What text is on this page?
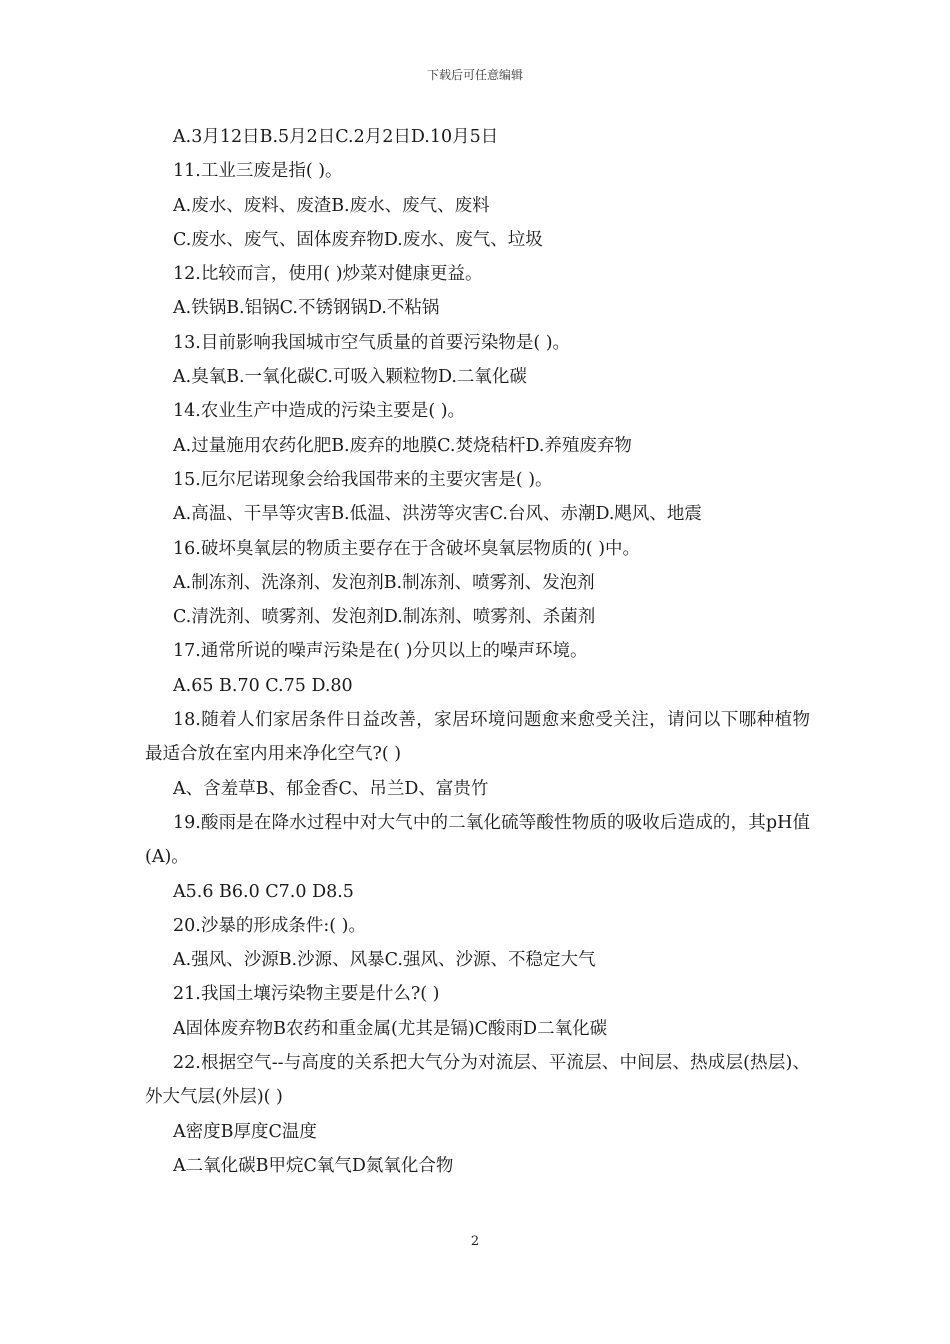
下载后可任意编辑
A.3月12日B.5月2日C.2月2日D.10月5日
11.工业三废是指( )。
A.废水、废料、废渣B.废水、废气、废料
C.废水、废气、固体废弃物D.废水、废气、垃圾
12.比较而言，使用( )炒菜对健康更益。
A.铁锅B.铝锅C.不锈钢锅D.不粘锅
13.目前影响我国城市空气质量的首要污染物是( )。
A.臭氧B.一氧化碳C.可吸入颗粒物D.二氧化碳
14.农业生产中造成的污染主要是( )。
A.过量施用农药化肥B.废弃的地膜C.焚烧秸杆D.养殖废弃物
15.厄尔尼诺现象会给我国带来的主要灾害是( )。
A.高温、干旱等灾害B.低温、洪涝等灾害C.台风、赤潮D.飓风、地震
16.破坏臭氧层的物质主要存在于含破坏臭氧层物质的( )中。
A.制冻剂、洗涤剂、发泡剂B.制冻剂、喷雾剂、发泡剂
C.清洗剂、喷雾剂、发泡剂D.制冻剂、喷雾剂、杀菌剂
17.通常所说的噪声污染是在( )分贝以上的噪声环境。
A.65 B.70 C.75 D.80
18.随着人们家居条件日益改善，家居环境问题愈来愈受关注，请问以下哪种植物最适合放在室内用来净化空气?( )
A、含羞草B、郁金香C、吊兰D、富贵竹
19.酸雨是在降水过程中对大气中的二氧化硫等酸性物质的吸收后造成的，其pH值(A)。
A5.6 B6.0 C7.0 D8.5
20.沙暴的形成条件:( )。
A.强风、沙源B.沙源、风暴C.强风、沙源、不稳定大气
21.我国土壤污染物主要是什么?( )
A固体废弃物B农药和重金属(尤其是镉)C酸雨D二氧化碳
22.根据空气--与高度的关系把大气分为对流层、平流层、中间层、热成层(热层)、外大气层(外层)( )
A密度B厚度C温度
A二氧化碳B甲烷C氧气D氮氧化合物
2
